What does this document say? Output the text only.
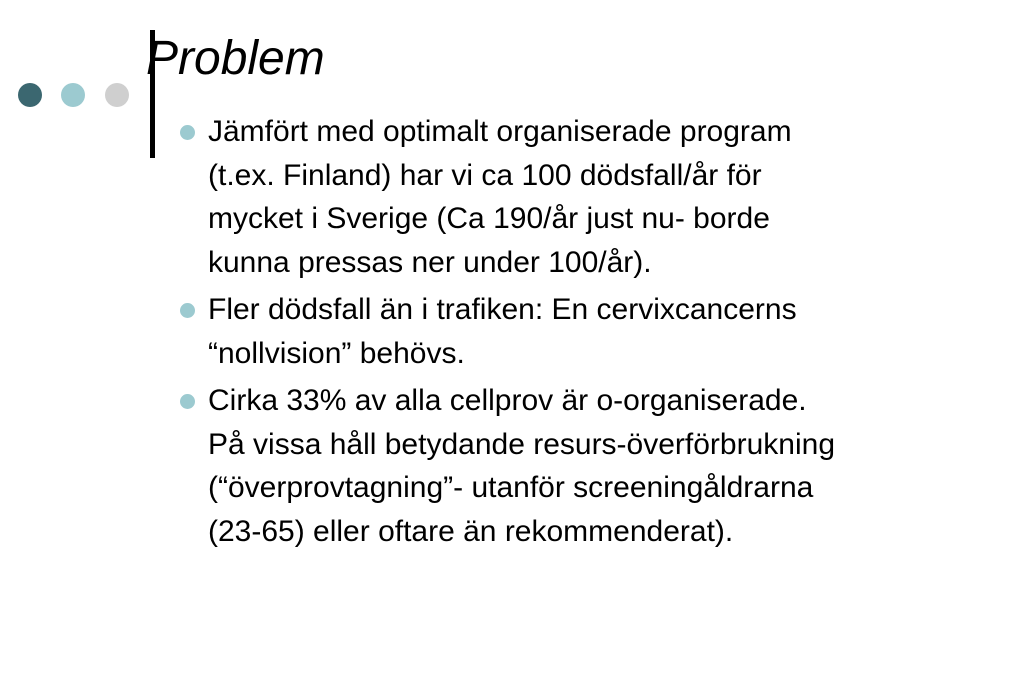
Problem
Jämfört med optimalt organiserade program
(t.ex. Finland) har vi ca 100 dödsfall/år för
mycket i Sverige (Ca 190/år just nu- borde
kunna pressas ner under 100/år).
Fler dödsfall än i trafiken: En cervixcancerns
“nollvision” behövs.
Cirka 33% av alla cellprov är o-organiserade.
På vissa håll betydande resurs-överförbrukning
(“överprovtagning”- utanför screeningåldrarna
(23-65) eller oftare än rekommenderat).
